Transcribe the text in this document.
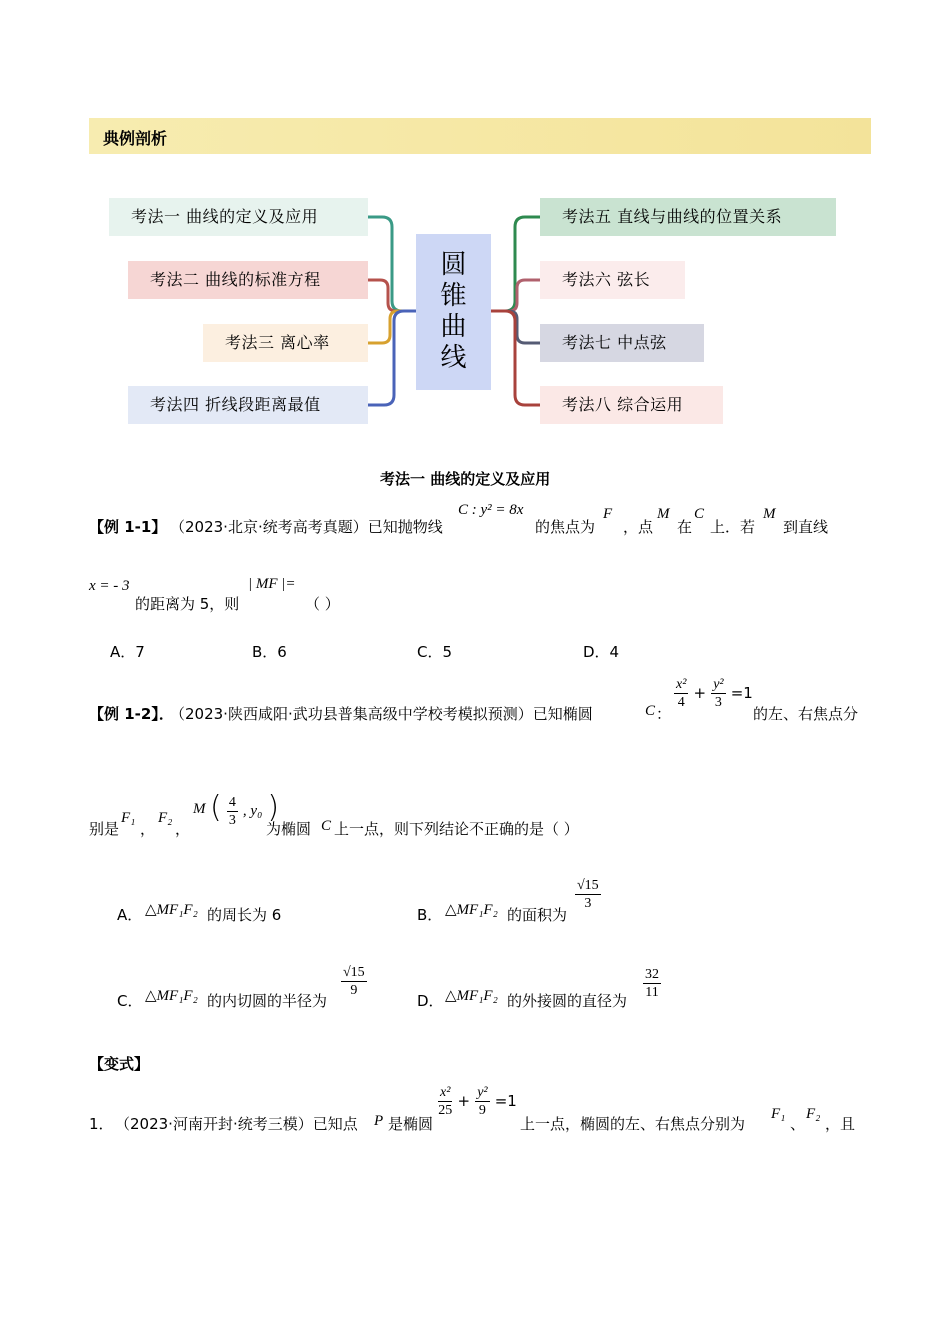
典例剖析
考法一 曲线的定义及应用
考法二 曲线的标准方程
考法三 离心率
考法四 折线段距离最值
圆
锥
曲
线
考法五 直线与曲线的位置关系
考法六 弦长
考法七 中点弦
考法八 综合运用
考法一 曲线的定义及应用
【例 1-1】 （2023·北京·统考高考真题）已知抛物线
C : y² = 8x
的焦点为
F
，点
M
在
C
上．若
M
到直线
x = - 3
的距离为 5，则
| MF |=
（ ）
A．7	B．6	C．5	D．4
【例 1-2】．
（2023·陕西咸阳·武功县普集高级中学校考模拟预测）已知椭圆	C ：
$\frac{\text{x²}}{4} + \frac{\text{y²}}{3} =1$
的左、右焦点分
别是
F₁
，
F₂
，
M ( $\frac{4}{3}$ , y₀ )
为椭圆 C 上一点，则下列结论不正确的是（ ）
A． △MF₁F₂ 的周长为 6	B． △MF₁F₂ 的面积为
$\frac{√15}{3}$
C． △MF₁F₂ 的内切圆的半径为
$\frac{√15}{9}$
D． △MF₁F₂ 的外接圆的直径为 $\frac{32}{11}$
【变式】
1． （2023·河南开封·统考三模）已知点 P 是椭圆
$\frac{\text{x²}}{25} + \frac{\text{y²}}{9} =1$
上一点，椭圆的左、右焦点分别为
F₁
、
F₂
，且
